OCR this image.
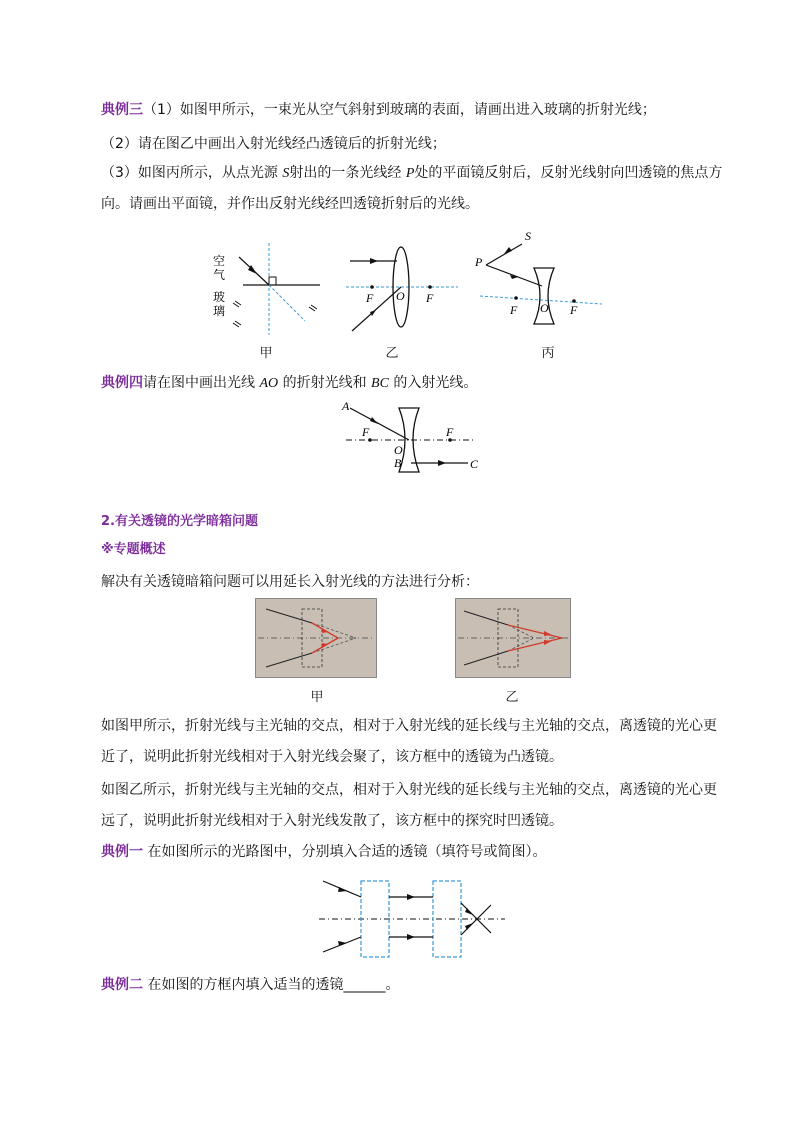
典例三（1）如图甲所示，一束光从空气斜射到玻璃的表面，请画出进入玻璃的折射光线；
（2）请在图乙中画出入射光线经凸透镜后的折射光线；
（3）如图丙所示，从点光源 S射出的一条光线经 P处的平面镜反射后，反射光线射向凹透镜的焦点方
向。请画出平面镜，并作出反射光线经凹透镜折射后的光线。
空
气
玻
璃
甲
F O F
乙
S
P
F O F
丙
典例四请在图中画出光线 AO 的折射光线和 BC 的入射光线。
A
F	F
O
B	C
2.有关透镜的光学暗箱问题
※专题概述
解决有关透镜暗箱问题可以用延长入射光线的方法进行分析：
甲	乙
如图甲所示，折射光线与主光轴的交点，相对于入射光线的延长线与主光轴的交点，离透镜的光心更
近了，说明此折射光线相对于入射光线会聚了，该方框中的透镜为凸透镜。
如图乙所示，折射光线与主光轴的交点，相对于入射光线的延长线与主光轴的交点，离透镜的光心更
远了，说明此折射光线相对于入射光线发散了，该方框中的探究时凹透镜。
典例一 在如图所示的光路图中，分别填入合适的透镜（填符号或简图）。
典例二 在如图的方框内填入适当的透镜______。
